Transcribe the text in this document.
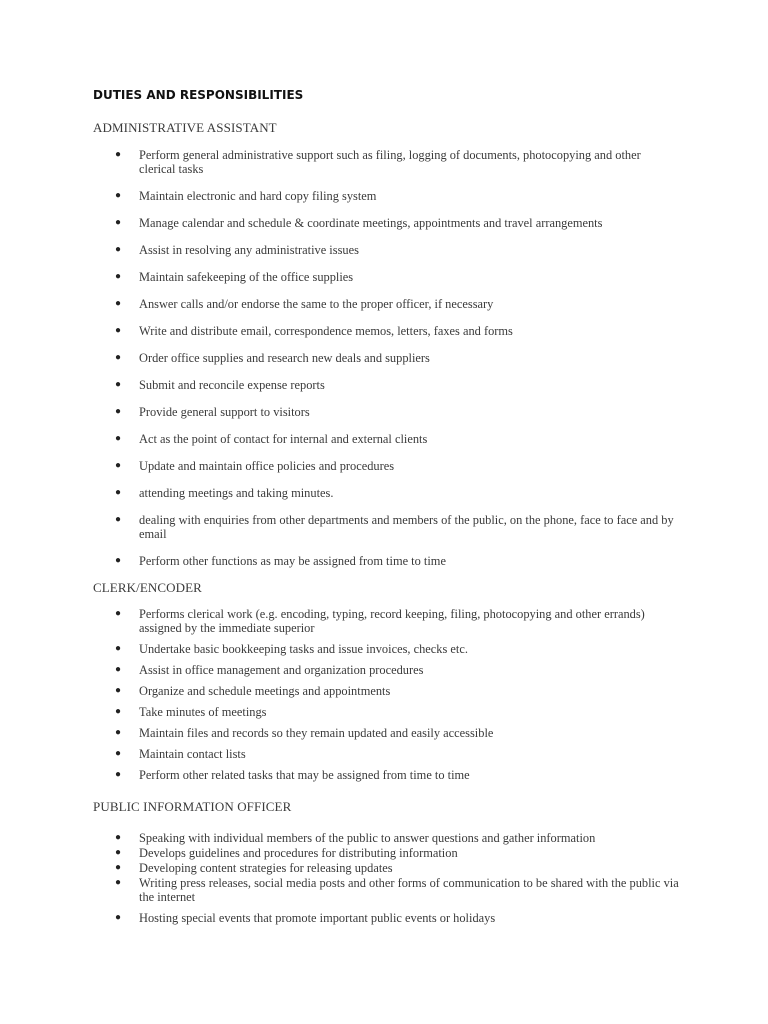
DUTIES AND RESPONSIBILITIES
ADMINISTRATIVE ASSISTANT
● Perform general administrative support such as filing, logging of documents, photocopying and other clerical tasks
● Maintain electronic and hard copy filing system
● Manage calendar and schedule & coordinate meetings, appointments and travel arrangements
● Assist in resolving any administrative issues
● Maintain safekeeping of the office supplies
● Answer calls and/or endorse the same to the proper officer, if necessary
● Write and distribute email, correspondence memos, letters, faxes and forms
● Order office supplies and research new deals and suppliers
● Submit and reconcile expense reports
● Provide general support to visitors
● Act as the point of contact for internal and external clients
● Update and maintain office policies and procedures
● attending meetings and taking minutes.
● dealing with enquiries from other departments and members of the public, on the phone, face to face and by email
● Perform other functions as may be assigned from time to time
CLERK/ENCODER
● Performs clerical work (e.g. encoding, typing, record keeping, filing, photocopying and other errands) assigned by the immediate superior
● Undertake basic bookkeeping tasks and issue invoices, checks etc.
● Assist in office management and organization procedures
● Organize and schedule meetings and appointments
● Take minutes of meetings
● Maintain files and records so they remain updated and easily accessible
● Maintain contact lists
● Perform other related tasks that may be assigned from time to time
PUBLIC INFORMATION OFFICER
● Speaking with individual members of the public to answer questions and gather information
● Develops guidelines and procedures for distributing information
● Developing content strategies for releasing updates
● Writing press releases, social media posts and other forms of communication to be shared with the public via the internet
● Hosting special events that promote important public events or holidays
